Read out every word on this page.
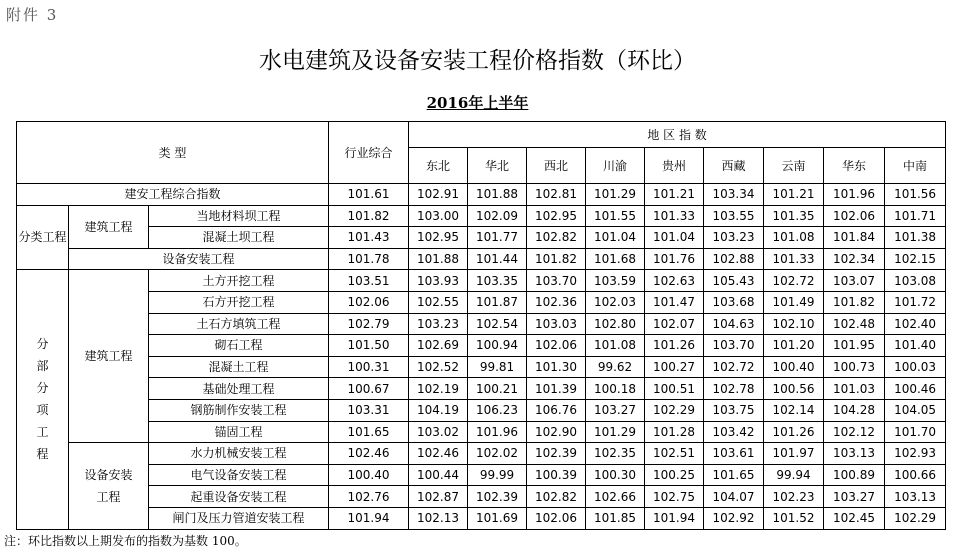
附件 3
水电建筑及设备安装工程价格指数（环比）
2016年上半年
类 型			行业综合	地 区 指 数								
				东北	华北	西北	川渝	贵州	西藏	云南	华东	中南
建安工程综合指数			101.61	102.91	101.88	102.81	101.29	101.21	103.34	101.21	101.96	101.56
分类工程	建筑工程	当地材料坝工程	101.82	103.00	102.09	102.95	101.55	101.33	103.55	101.35	102.06	101.71
		混凝土坝工程	101.43	102.95	101.77	102.82	101.04	101.04	103.23	101.08	101.84	101.38
	设备安装工程		101.78	101.88	101.44	101.82	101.68	101.76	102.88	101.33	102.34	102.15
分部分项工程	建筑工程	土方开挖工程	103.51	103.93	103.35	103.70	103.59	102.63	105.43	102.72	103.07	103.08
		石方开挖工程	102.06	102.55	101.87	102.36	102.03	101.47	103.68	101.49	101.82	101.72
		土石方填筑工程	102.79	103.23	102.54	103.03	102.80	102.07	104.63	102.10	102.48	102.40
		砌石工程	101.50	102.69	100.94	102.06	101.08	101.26	103.70	101.20	101.95	101.40
		混凝土工程	100.31	102.52	99.81	101.30	99.62	100.27	102.72	100.40	100.73	100.03
		基础处理工程	100.67	102.19	100.21	101.39	100.18	100.51	102.78	100.56	101.03	100.46
		钢筋制作安装工程	103.31	104.19	106.23	106.76	103.27	102.29	103.75	102.14	104.28	104.05
		锚固工程	101.65	103.02	101.96	102.90	101.29	101.28	103.42	101.26	102.12	101.70
	设备安装工程	水力机械安装工程	102.46	102.46	102.02	102.39	102.35	102.51	103.61	101.97	103.13	102.93
		电气设备安装工程	100.40	100.44	99.99	100.39	100.30	100.25	101.65	99.94	100.89	100.66
		起重设备安装工程	102.76	102.87	102.39	102.82	102.66	102.75	104.07	102.23	103.27	103.13
		闸门及压力管道安装工程	101.94	102.13	101.69	102.06	101.85	101.94	102.92	101.52	102.45	102.29
注：环比指数以上期发布的指数为基数 100。
